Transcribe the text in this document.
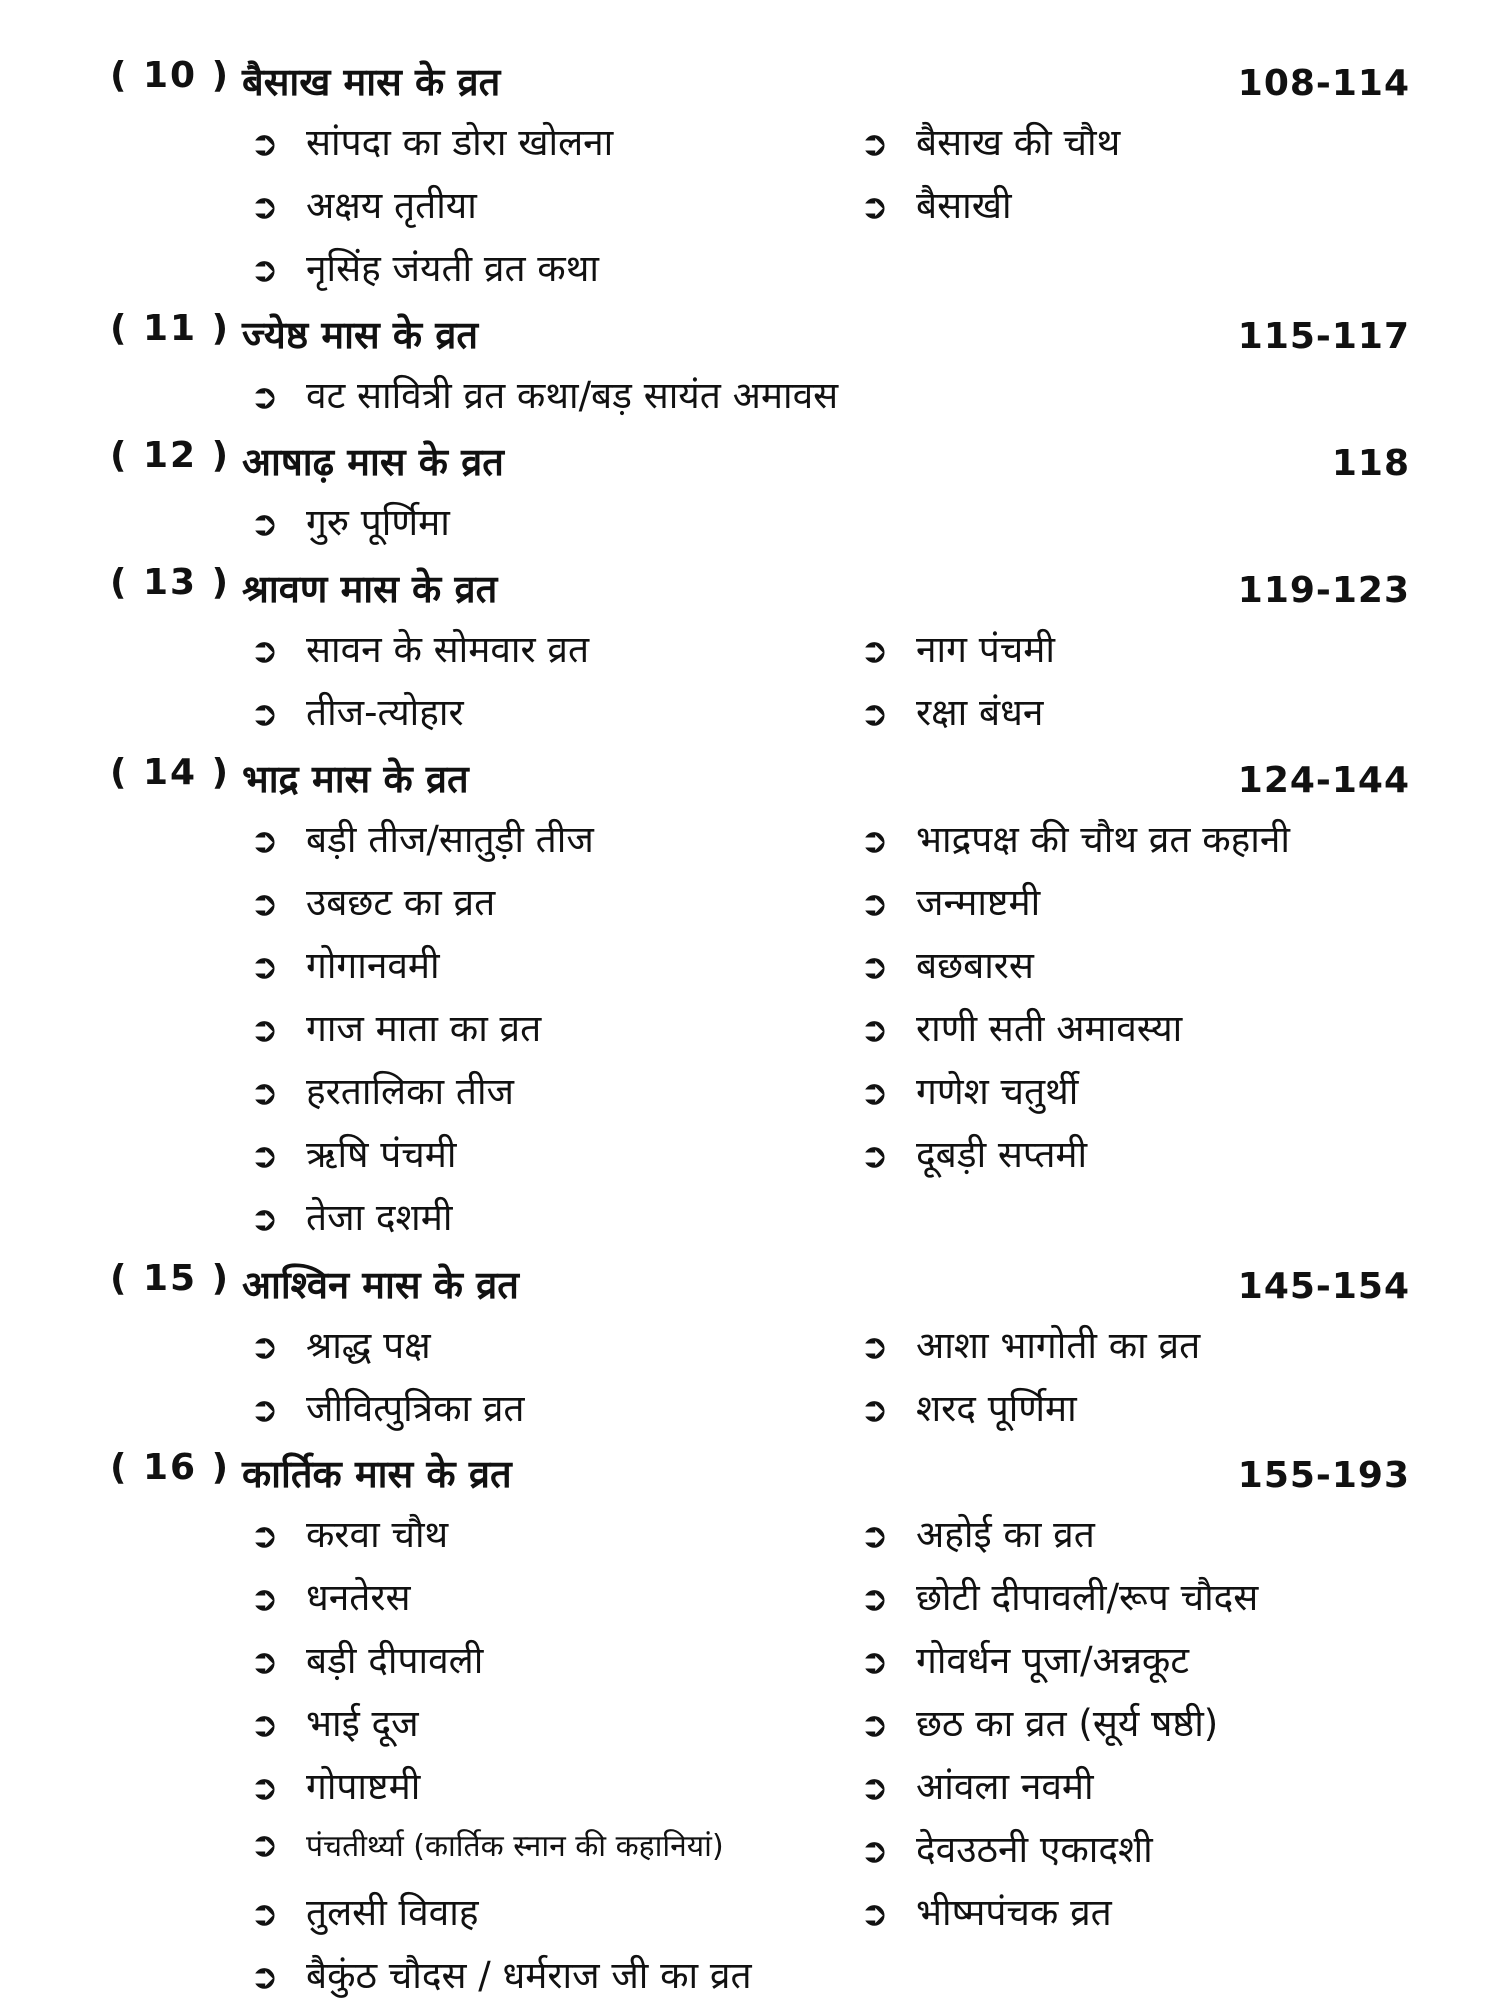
( 10 ) बैसाख मास के व्रत	108-114
➲ सांपदा का डोरा खोलना	➲ बैसाख की चौथ
➲ अक्षय तृतीया	➲ बैसाखी
➲ नृसिंह जंयती व्रत कथा
( 11 ) ज्येष्ठ मास के व्रत	115-117
➲ वट सावित्री व्रत कथा/बड़ सायंत अमावस
( 12 ) आषाढ़ मास के व्रत	118
➲ गुरु पूर्णिमा
( 13 ) श्रावण मास के व्रत	119-123
➲ सावन के सोमवार व्रत	➲ नाग पंचमी
➲ तीज-त्योहार	➲ रक्षा बंधन
( 14 ) भाद्र मास के व्रत	124-144
➲ बड़ी तीज/सातुड़ी तीज	➲ भाद्रपक्ष की चौथ व्रत कहानी
➲ उबछट का व्रत	➲ जन्माष्टमी
➲ गोगानवमी	➲ बछबारस
➲ गाज माता का व्रत	➲ राणी सती अमावस्या
➲ हरतालिका तीज	➲ गणेश चतुर्थी
➲ ऋषि पंचमी	➲ दूबड़ी सप्तमी
➲ तेजा दशमी
( 15 ) आश्विन मास के व्रत	145-154
➲ श्राद्ध पक्ष	➲ आशा भागोती का व्रत
➲ जीवित्पुत्रिका व्रत	➲ शरद पूर्णिमा
( 16 ) कार्तिक मास के व्रत	155-193
➲ करवा चौथ	➲ अहोई का व्रत
➲ धनतेरस	➲ छोटी दीपावली/रूप चौदस
➲ बड़ी दीपावली	➲ गोवर्धन पूजा/अन्नकूट
➲ भाई दूज	➲ छठ का व्रत (सूर्य षष्ठी)
➲ गोपाष्टमी	➲ आंवला नवमी
➲ पंचतीर्थ्या (कार्तिक स्नान की कहानियां)	➲ देवउठनी एकादशी
➲ तुलसी विवाह	➲ भीष्मपंचक व्रत
➲ बैकुंठ चौदस / धर्मराज जी का व्रत
